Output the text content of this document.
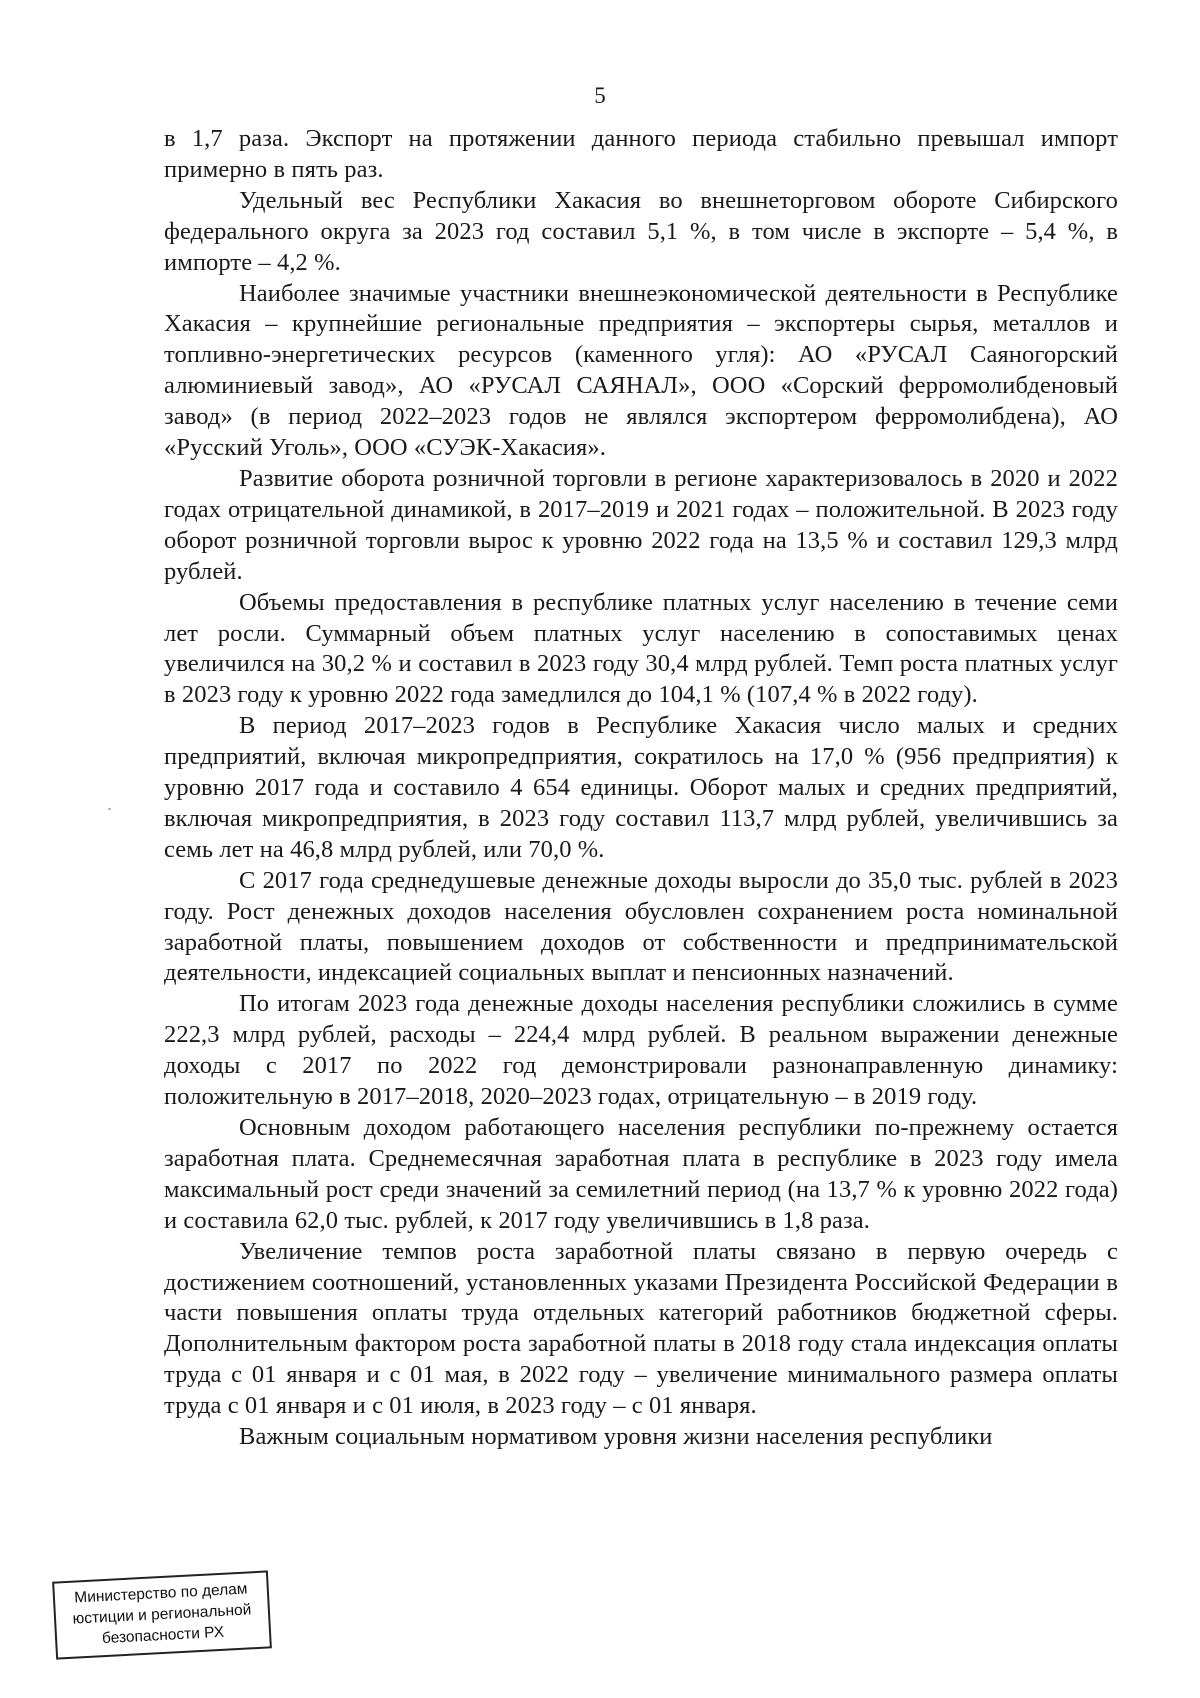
5

в 1,7 раза. Экспорт на протяжении данного периода стабильно превышал импорт примерно в пять раз.

Удельный вес Республики Хакасия во внешнеторговом обороте Сибирского федерального округа за 2023 год составил 5,1 %, в том числе в экспорте – 5,4 %, в импорте – 4,2 %.

Наиболее значимые участники внешнеэкономической деятельности в Республике Хакасия – крупнейшие региональные предприятия – экспортеры сырья, металлов и топливно-энергетических ресурсов (каменного угля): АО «РУСАЛ Саяногорский алюминиевый завод», АО «РУСАЛ САЯНАЛ», ООО «Сорский ферромолибденовый завод» (в период 2022–2023 годов не являлся экспортером ферромолибдена), АО «Русский Уголь», ООО «СУЭК-Хакасия».

Развитие оборота розничной торговли в регионе характеризовалось в 2020 и 2022 годах отрицательной динамикой, в 2017–2019 и 2021 годах – положительной. В 2023 году оборот розничной торговли вырос к уровню 2022 года на 13,5 % и составил 129,3 млрд рублей.

Объемы предоставления в республике платных услуг населению в течение семи лет росли. Суммарный объем платных услуг населению в сопоставимых ценах увеличился на 30,2 % и составил в 2023 году 30,4 млрд рублей. Темп роста платных услуг в 2023 году к уровню 2022 года замедлился до 104,1 % (107,4 % в 2022 году).

В период 2017–2023 годов в Республике Хакасия число малых и средних предприятий, включая микропредприятия, сократилось на 17,0 % (956 предприятия) к уровню 2017 года и составило 4 654 единицы. Оборот малых и средних предприятий, включая микропредприятия, в 2023 году составил 113,7 млрд рублей, увеличившись за семь лет на 46,8 млрд рублей, или 70,0 %.

С 2017 года среднедушевые денежные доходы выросли до 35,0 тыс. рублей в 2023 году. Рост денежных доходов населения обусловлен сохранением роста номинальной заработной платы, повышением доходов от собственности и предпринимательской деятельности, индексацией социальных выплат и пенсионных назначений.

По итогам 2023 года денежные доходы населения республики сложились в сумме 222,3 млрд рублей, расходы – 224,4 млрд рублей. В реальном выражении денежные доходы с 2017 по 2022 год демонстрировали разнонаправленную динамику: положительную в 2017–2018, 2020–2023 годах, отрицательную – в 2019 году.

Основным доходом работающего населения республики по-прежнему остается заработная плата. Среднемесячная заработная плата в республике в 2023 году имела максимальный рост среди значений за семилетний период (на 13,7 % к уровню 2022 года) и составила 62,0 тыс. рублей, к 2017 году увеличившись в 1,8 раза.

Увеличение темпов роста заработной платы связано в первую очередь с достижением соотношений, установленных указами Президента Российской Федерации в части повышения оплаты труда отдельных категорий работников бюджетной сферы. Дополнительным фактором роста заработной платы в 2018 году стала индексация оплаты труда с 01 января и с 01 мая, в 2022 году – увеличение минимального размера оплаты труда с 01 января и с 01 июля, в 2023 году – с 01 января.

Важным социальным нормативом уровня жизни населения республики

Министерство по делам
юстиции и региональной
безопасности РХ
